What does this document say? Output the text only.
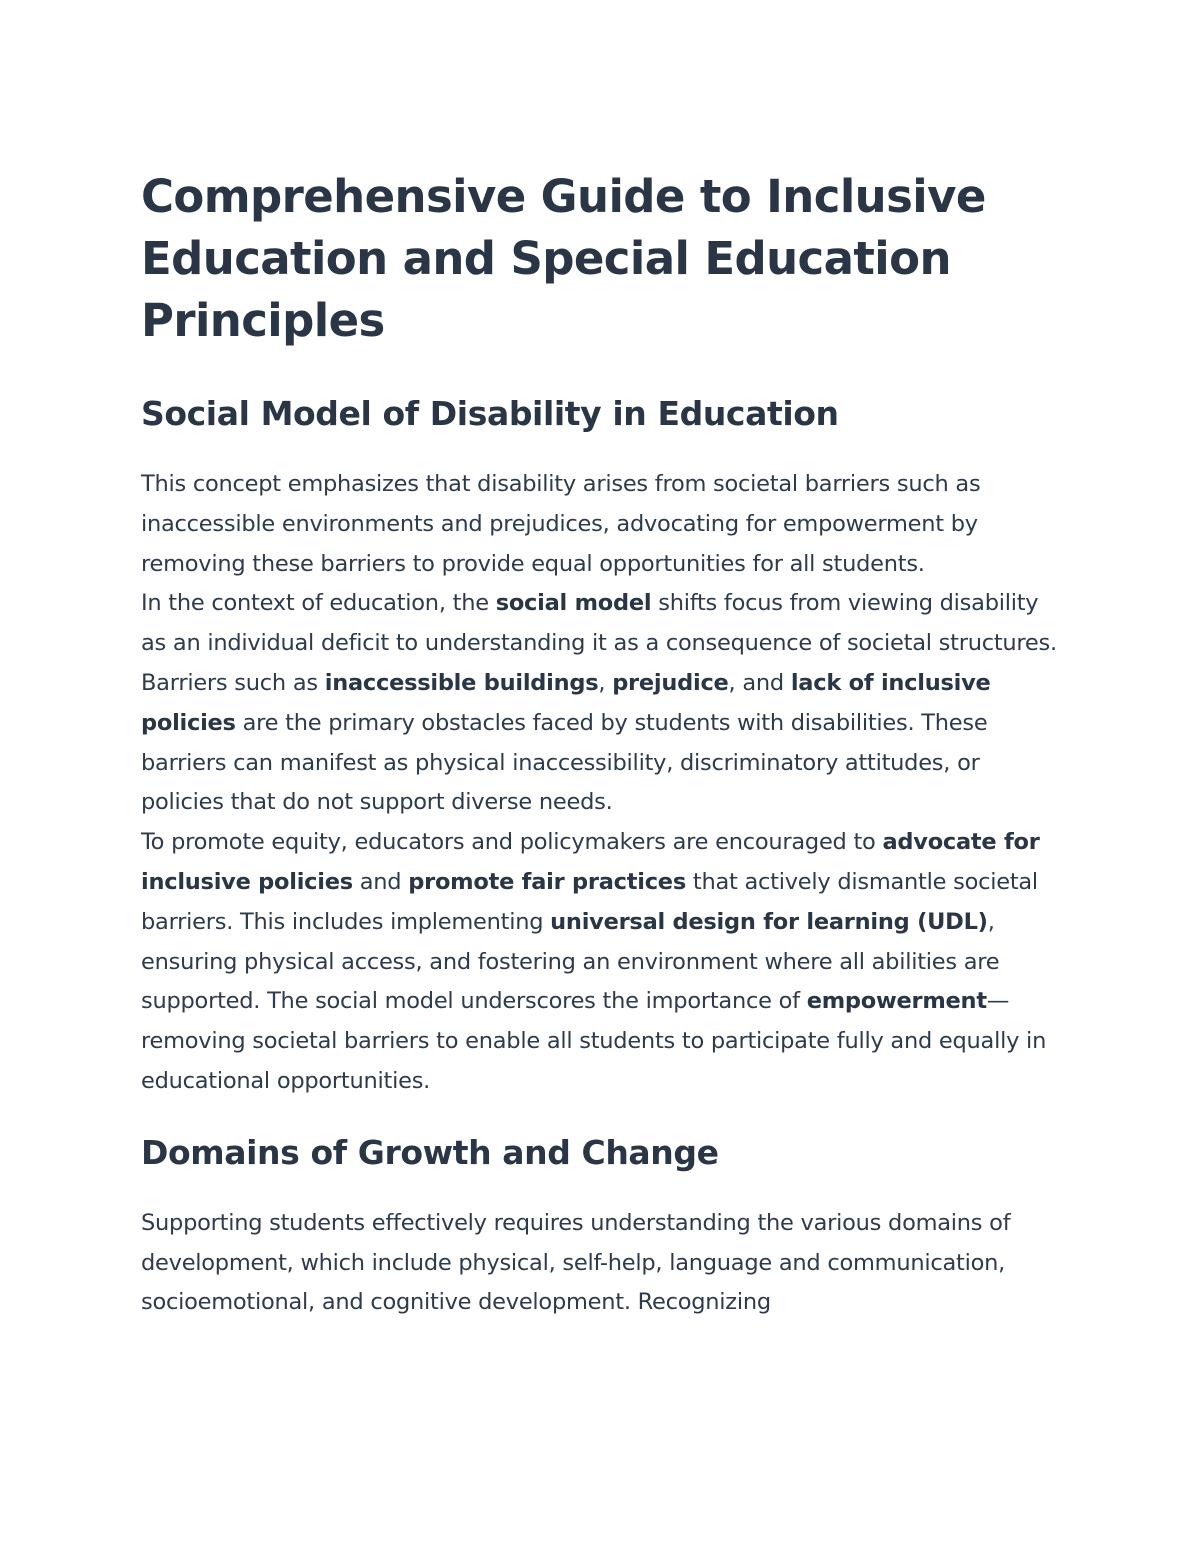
Comprehensive Guide to Inclusive Education and Special Education Principles
Social Model of Disability in Education

This concept emphasizes that disability arises from societal barriers such as inaccessible environments and prejudices, advocating for empowerment by removing these barriers to provide equal opportunities for all students.

In the context of education, the social model shifts focus from viewing disability as an individual deficit to understanding it as a consequence of societal structures. Barriers such as inaccessible buildings, prejudice, and lack of inclusive policies are the primary obstacles faced by students with disabilities. These barriers can manifest as physical inaccessibility, discriminatory attitudes, or policies that do not support diverse needs.

To promote equity, educators and policymakers are encouraged to advocate for inclusive policies and promote fair practices that actively dismantle societal barriers. This includes implementing universal design for learning (UDL), ensuring physical access, and fostering an environment where all abilities are supported. The social model underscores the importance of empowerment—removing societal barriers to enable all students to participate fully and equally in educational opportunities.

Domains of Growth and Change

Supporting students effectively requires understanding the various domains of development, which include physical, self-help, language and communication, socioemotional, and cognitive development. Recognizing
